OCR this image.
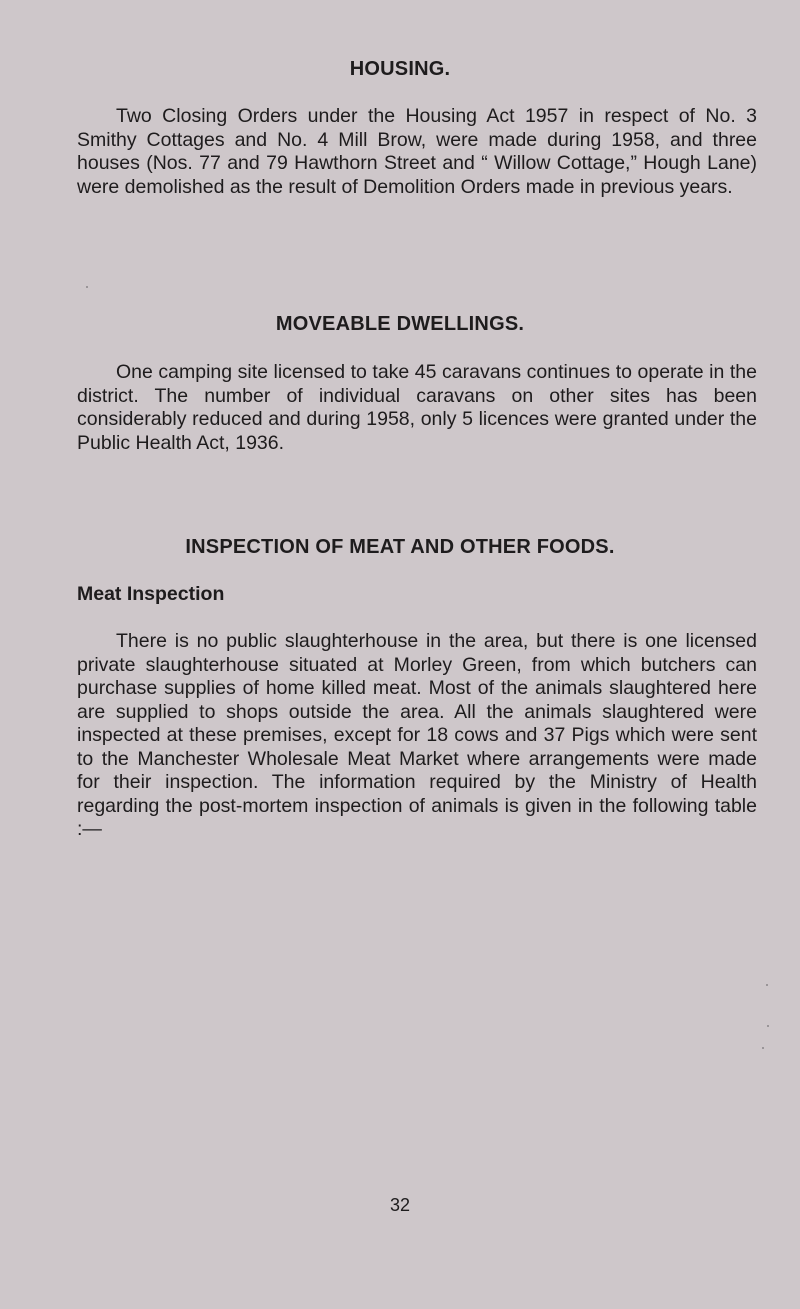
HOUSING.

Two Closing Orders under the Housing Act 1957 in respect of No. 3 Smithy Cottages and No. 4 Mill Brow, were made during 1958, and three houses (Nos. 77 and 79 Hawthorn Street and “ Willow Cottage,” Hough Lane) were demolished as the result of Demolition Orders made in previous years.

MOVEABLE DWELLINGS.

One camping site licensed to take 45 caravans continues to operate in the district. The number of individual caravans on other sites has been considerably reduced and during 1958, only 5 licences were granted under the Public Health Act, 1936.

INSPECTION OF MEAT AND OTHER FOODS.
Meat Inspection

There is no public slaughterhouse in the area, but there is one licensed private slaughterhouse situated at Morley Green, from which butchers can purchase supplies of home killed meat. Most of the animals slaughtered here are supplied to shops outside the area. All the animals slaughtered were inspected at these premises, except for 18 cows and 37 Pigs which were sent to the Manchester Wholesale Meat Market where arrangements were made for their inspection. The information required by the Ministry of Health regarding the post-mortem inspection of animals is given in the following table :—

32
